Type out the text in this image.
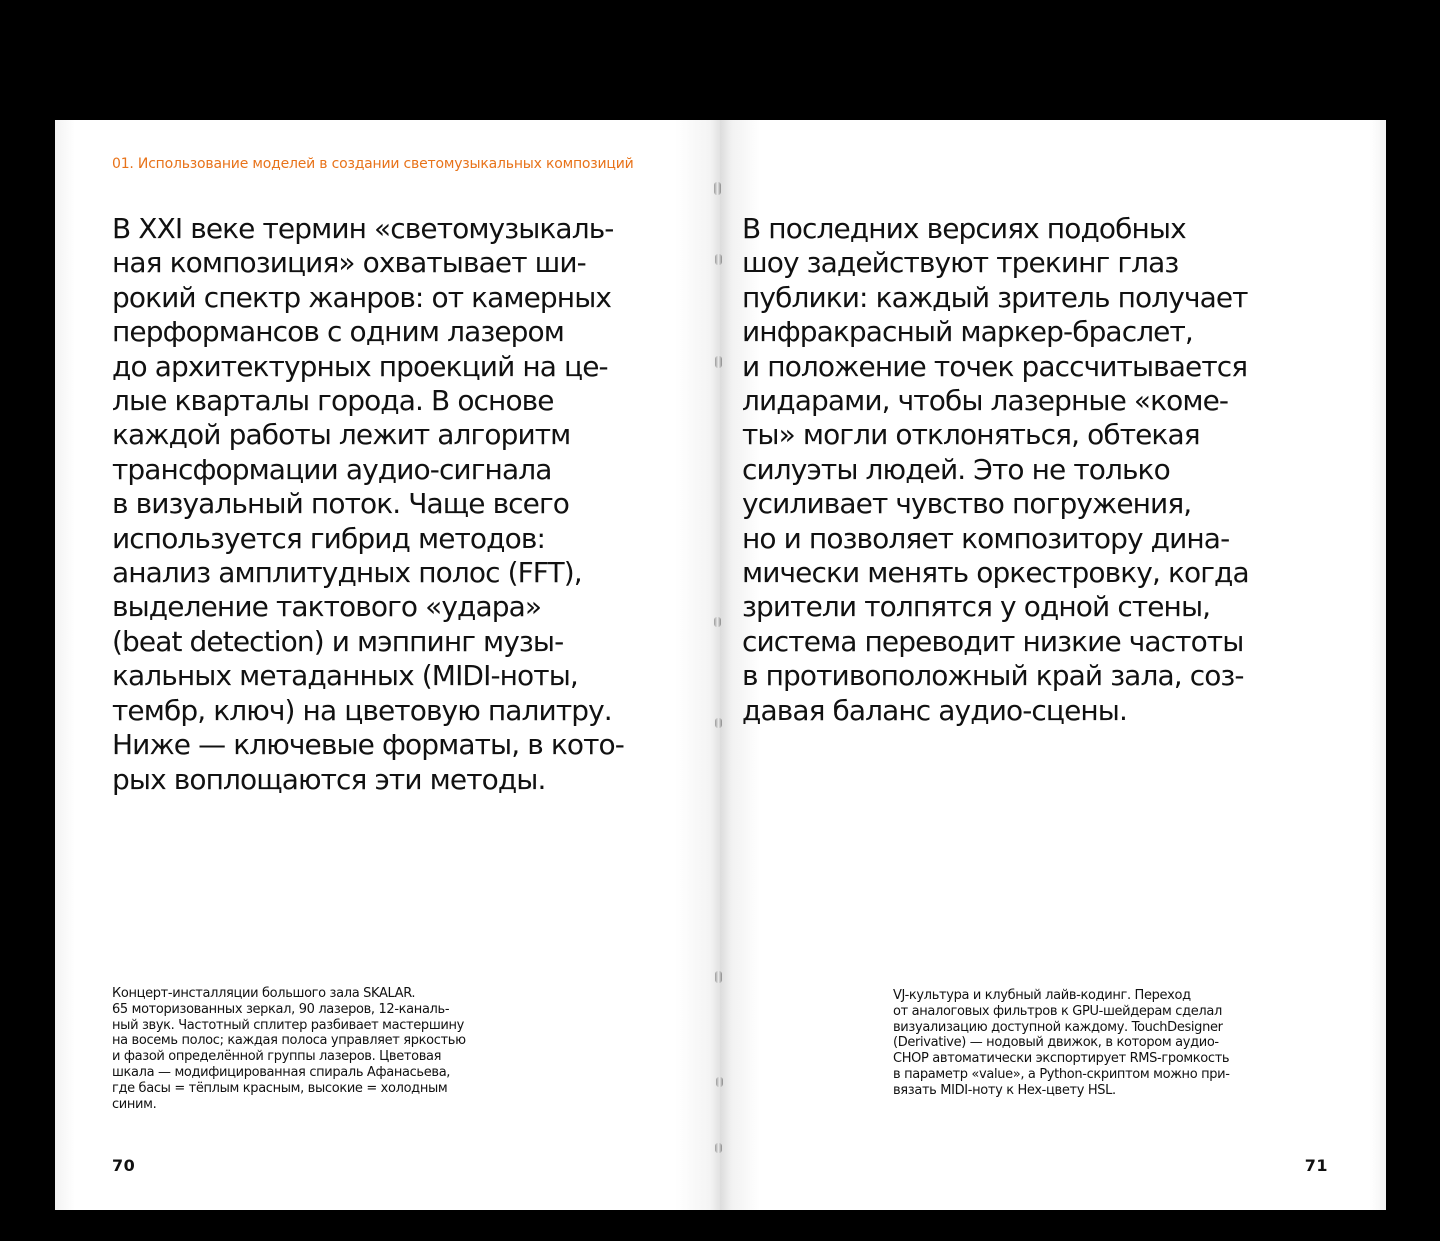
01. Использование моделей в создании светомузыкальных композиций

В XXI веке термин «светомузыкаль-
ная композиция» охватывает ши-
рокий спектр жанров: от камерных
перформансов с одним лазером
до архитектурных проекций на це-
лые кварталы города. В основе
каждой работы лежит алгоритм
трансформации аудио-сигнала
в визуальный поток. Чаще всего
используется гибрид методов:
анализ амплитудных полос (FFT),
выделение тактового «удара»
(beat detection) и мэппинг музы-
кальных метаданных (MIDI-ноты,
тембр, ключ) на цветовую палитру.
Ниже — ключевые форматы, в кото-
рых воплощаются эти методы.

Концерт-инсталляции большого зала SKALAR.
65 моторизованных зеркал, 90 лазеров, 12-каналь-
ный звук. Частотный сплитер разбивает мастершину
на восемь полос; каждая полоса управляет яркостью
и фазой определённой группы лазеров. Цветовая
шкала — модифицированная спираль Афанасьева,
где басы = тёплым красным, высокие = холодным
синим.

70

В последних версиях подобных
шоу задействуют трекинг глаз
публики: каждый зритель получает
инфракрасный маркер-браслет,
и положение точек рассчитывается
лидарами, чтобы лазерные «коме-
ты» могли отклоняться, обтекая
силуэты людей. Это не только
усиливает чувство погружения,
но и позволяет композитору дина-
мически менять оркестровку, когда
зрители толпятся у одной стены,
система переводит низкие частоты
в противоположный край зала, соз-
давая баланс аудио-сцены.

VJ-культура и клубный лайв-кодинг. Переход
от аналоговых фильтров к GPU-шейдерам сделал
визуализацию доступной каждому. TouchDesigner
(Derivative) — нодовый движок, в котором аудио-
CHOP автоматически экспортирует RMS-громкость
в параметр «value», а Python-скриптом можно при-
вязать MIDI-ноту к Hex-цвету HSL.

71
